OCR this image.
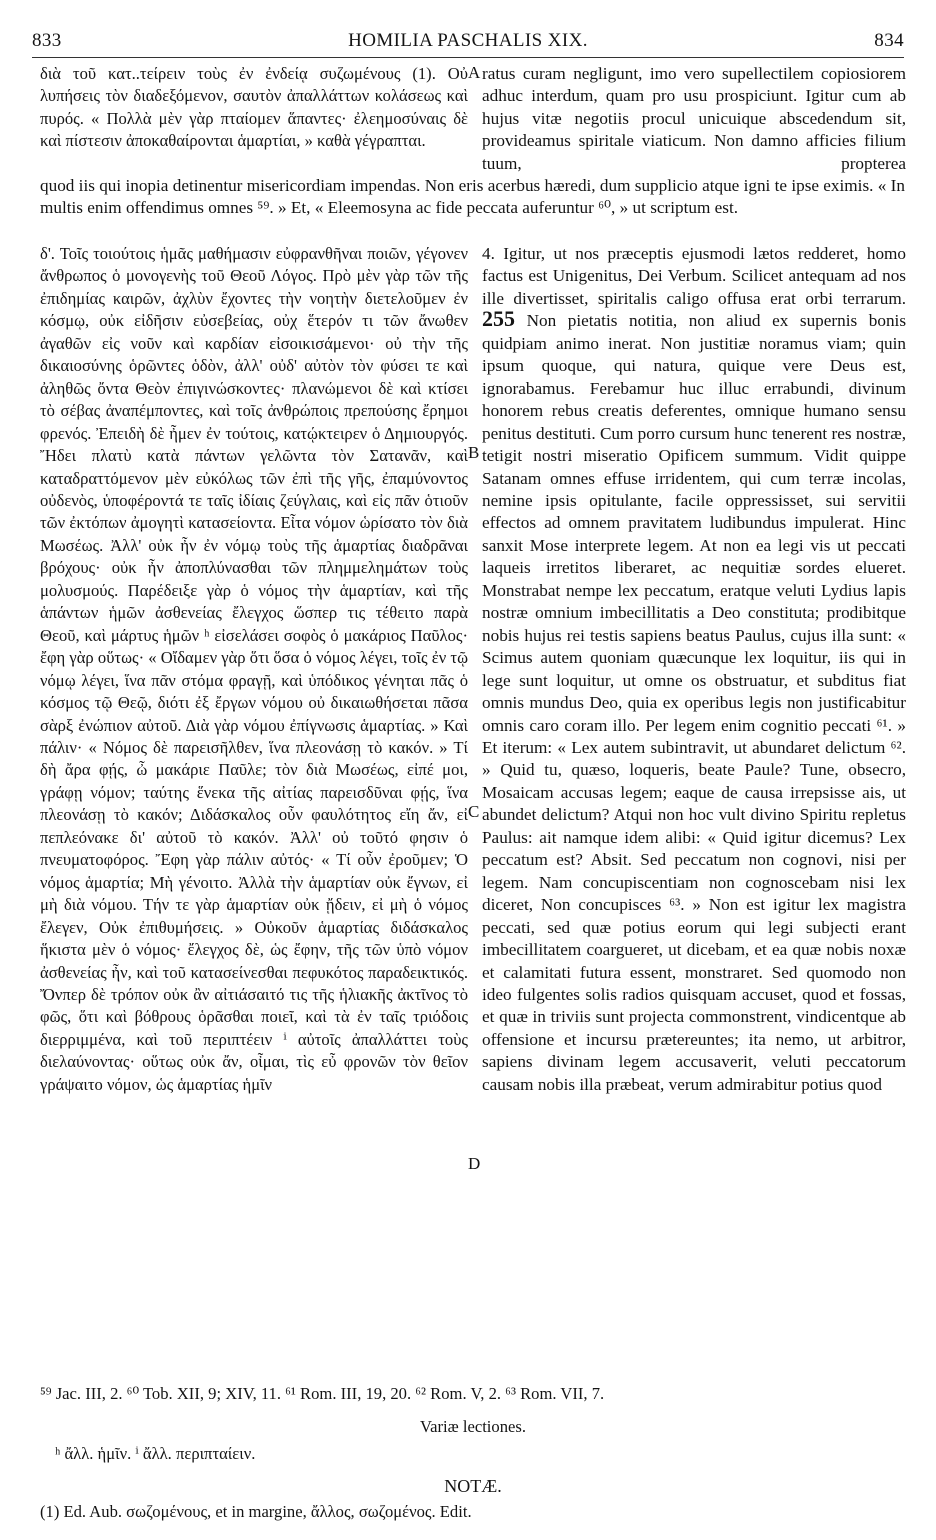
833	HOMILIA PASCHALIS XIX.	834

διὰ τοῦ κατ..τείρειν τοὺς ἐν ἐνδείᾳ συζωμένους (1). Οὐ λυπήσεις τὸν διαδεξόμενον, σαυτὸν ἀπαλλάττων κολάσεως καὶ πυρός. « Πολλὰ μὲν γὰρ πταίομεν ἅπαντες· ἐλεημοσύναις δὲ καὶ πίστεσιν ἀποκαθαίρονται ἁμαρτίαι, » καθὰ γέγραπται.

ratus curam negligunt, imo vero supellectilem copiosiorem adhuc interdum, quam pro usu prospiciunt. Igitur cum ab hujus vitæ negotiis procul unicuique abscedendum sit, provideamus spiritale viaticum. Non damno afficies filium tuum, propterea

quod iis qui inopia detinentur misericordiam impendas. Non eris acerbus hæredi, dum supplicio atque igni te ipse eximis. « In multis enim offendimus omnes ⁵⁹. » Et, « Eleemosyna ac fide peccata auferuntur ⁶⁰, » ut scriptum est.

δ'. Τοῖς τοιούτοις ἡμᾶς μαθήμασιν εὐφρανθῆναι ποιῶν, γέγονεν ἄνθρωπος ὁ μονογενὴς τοῦ Θεοῦ Λόγος. Πρὸ μὲν γὰρ τῶν τῆς ἐπιδημίας καιρῶν, ἀχλὺν ἔχοντες τὴν νοητὴν διετελοῦμεν ἐν κόσμῳ, οὐκ εἰδῆσιν εὐσεβείας, οὐχ ἕτερόν τι τῶν ἄνωθεν ἀγαθῶν εἰς νοῦν καὶ καρδίαν εἰσοικισάμενοι· οὐ τὴν τῆς δικαιοσύνης ὁρῶντες ὁδὸν, ἀλλ' οὐδ' αὐτὸν τὸν φύσει τε καὶ ἀληθῶς ὄντα Θεὸν ἐπιγινώσκοντες· πλανώμενοι δὲ καὶ κτίσει τὸ σέβας ἀναπέμποντες, καὶ τοῖς ἀνθρώποις πρεπούσης ἔρημοι φρενός. Ἐπειδὴ δὲ ἦμεν ἐν τούτοις, κατῴκτειρεν ὁ Δημιουργός. Ἤδει πλατὺ κατὰ πάντων γελῶντα τὸν Σατανᾶν, καὶ καταδραττόμενον μὲν εὐκόλως τῶν ἐπὶ τῆς γῆς, ἐπαμύνοντος οὐδενὸς, ὑποφέροντά τε ταῖς ἰδίαις ζεύγλαις, καὶ εἰς πᾶν ὁτιοῦν τῶν ἐκτόπων ἀμογητὶ κατασείοντα. Εἶτα νόμον ὡρίσατο τὸν διὰ Μωσέως. Ἀλλ' οὐκ ἦν ἐν νόμῳ τοὺς τῆς ἁμαρτίας διαδρᾶναι βρόχους· οὐκ ἦν ἀποπλύνασθαι τῶν πλημμελημάτων τοὺς μολυσμούς. Παρέδειξε γὰρ ὁ νόμος τὴν ἁμαρτίαν, καὶ τῆς ἁπάντων ἡμῶν ἀσθενείας ἔλεγχος ὥσπερ τις τέθειτο παρὰ Θεοῦ, καὶ μάρτυς ἡμῶν ʰ εἰσελάσει σοφὸς ὁ μακάριος Παῦλος· ἔφη γὰρ οὕτως· « Οἴδαμεν γὰρ ὅτι ὅσα ὁ νόμος λέγει, τοῖς ἐν τῷ νόμῳ λέγει, ἵνα πᾶν στόμα φραγῇ, καὶ ὑπόδικος γένηται πᾶς ὁ κόσμος τῷ Θεῷ, διότι ἐξ ἔργων νόμου οὐ δικαιωθήσεται πᾶσα σὰρξ ἐνώπιον αὐτοῦ. Διὰ γὰρ νόμου ἐπίγνωσις ἁμαρτίας. » Καὶ πάλιν· « Νόμος δὲ παρεισῆλθεν, ἵνα πλεονάσῃ τὸ κακόν. » Τί δὴ ἄρα φῄς, ὦ μακάριε Παῦλε; τὸν διὰ Μωσέως, εἰπέ μοι, γράφῃ νόμον; ταύτης ἕνεκα τῆς αἰτίας παρεισδῦναι φῄς, ἵνα πλεονάσῃ τὸ κακόν; Διδάσκαλος οὖν φαυλότητος εἴη ἄν, εἰ πεπλεόνακε δι' αὐτοῦ τὸ κακόν. Ἀλλ' οὐ τοῦτό φησιν ὁ πνευματοφόρος. Ἔφη γὰρ πάλιν αὐτός· « Τί οὖν ἐροῦμεν; Ὁ νόμος ἁμαρτία; Μὴ γένοιτο. Ἀλλὰ τὴν ἁμαρτίαν οὐκ ἔγνων, εἰ μὴ διὰ νόμου. Τήν τε γὰρ ἁμαρτίαν οὐκ ᾔδειν, εἰ μὴ ὁ νόμος ἔλεγεν, Οὐκ ἐπιθυμήσεις. » Οὐκοῦν ἁμαρτίας διδάσκαλος ἥκιστα μὲν ὁ νόμος· ἔλεγχος δὲ, ὡς ἔφην, τῆς τῶν ὑπὸ νόμον ἀσθενείας ἦν, καὶ τοῦ κατασείνεσθαι πεφυκότος παραδεικτικός. Ὄνπερ δὲ τρόπον οὐκ ἂν αἰτιάσαιτό τις τῆς ἡλιακῆς ἀκτῖνος τὸ φῶς, ὅτι καὶ βόθρους ὁρᾶσθαι ποιεῖ, καὶ τὰ ἐν ταῖς τριόδοις διερριμμένα, καὶ τοῦ περιπτέειν ⁱ αὐτοῖς ἀπαλλάττει τοὺς διελαύνοντας· οὕτως οὐκ ἄν, οἶμαι, τὶς εὖ φρονῶν τὸν θεῖον γράψαιτο νόμον, ὡς ἁμαρτίας ἡμῖν

4. Igitur, ut nos præceptis ejusmodi lætos redderet, homo factus est Unigenitus, Dei Verbum. Scilicet antequam ad nos ille divertisset, spiritalis caligo offusa erat orbi terrarum. 255 Non pietatis notitia, non aliud ex supernis bonis quidpiam animo inerat. Non justitiæ noramus viam; quin ipsum quoque, qui natura, quique vere Deus est, ignorabamus. Ferebamur huc illuc errabundi, divinum honorem rebus creatis deferentes, omnique humano sensu penitus destituti. Cum porro cursum hunc tenerent res nostræ, tetigit nostri miseratio Opificem summum. Vidit quippe Satanam omnes effuse irridentem, qui cum terræ incolas, nemine ipsis opitulante, facile oppressisset, sui servitii effectos ad omnem pravitatem ludibundus impulerat. Hinc sanxit Mose interprete legem. At non ea legi vis ut peccati laqueis irretitos liberaret, ac nequitiæ sordes elueret. Monstrabat nempe lex peccatum, eratque veluti Lydius lapis nostræ omnium imbecillitatis a Deo constituta; prodibitque nobis hujus rei testis sapiens beatus Paulus, cujus illa sunt: « Scimus autem quoniam quæcunque lex loquitur, iis qui in lege sunt loquitur, ut omne os obstruatur, et subditus fiat omnis mundus Deo, quia ex operibus legis non justificabitur omnis caro coram illo. Per legem enim cognitio peccati ⁶¹. » Et iterum: « Lex autem subintravit, ut abundaret delictum ⁶². » Quid tu, quæso, loqueris, beate Paule? Tune, obsecro, Mosaicam accusas legem; eaque de causa irrepsisse ais, ut abundet delictum? Atqui non hoc vult divino Spiritu repletus Paulus: ait namque idem alibi: « Quid igitur dicemus? Lex peccatum est? Absit. Sed peccatum non cognovi, nisi per legem. Nam concupiscentiam non cognoscebam nisi lex diceret, Non concupisces ⁶³. » Non est igitur lex magistra peccati, sed quæ potius eorum qui legi subjecti erant imbecillitatem coargueret, ut dicebam, et ea quæ nobis noxæ et calamitati futura essent, monstraret. Sed quomodo non ideo fulgentes solis radios quisquam accuset, quod et fossas, et quæ in triviis sunt projecta commonstrent, vindicentque ab offensione et incursu prætereuntes; ita nemo, ut arbitror, sapiens divinam legem accusaverit, veluti peccatorum causam nobis illa præbeat, verum admirabitur potius quod

A
B
C
D
⁵⁹ Jac. III, 2. ⁶⁰ Tob. XII, 9; XIV, 11. ⁶¹ Rom. III, 19, 20. ⁶² Rom. V, 2. ⁶³ Rom. VII, 7.
Variæ lectiones.
ʰ ἄλλ. ἡμῖν. ⁱ ἄλλ. περιπταίειν.
NOTÆ.
(1) Ed. Aub. σωζομένους, et in margine, ἄλλος, σωζομένος. Edit.
